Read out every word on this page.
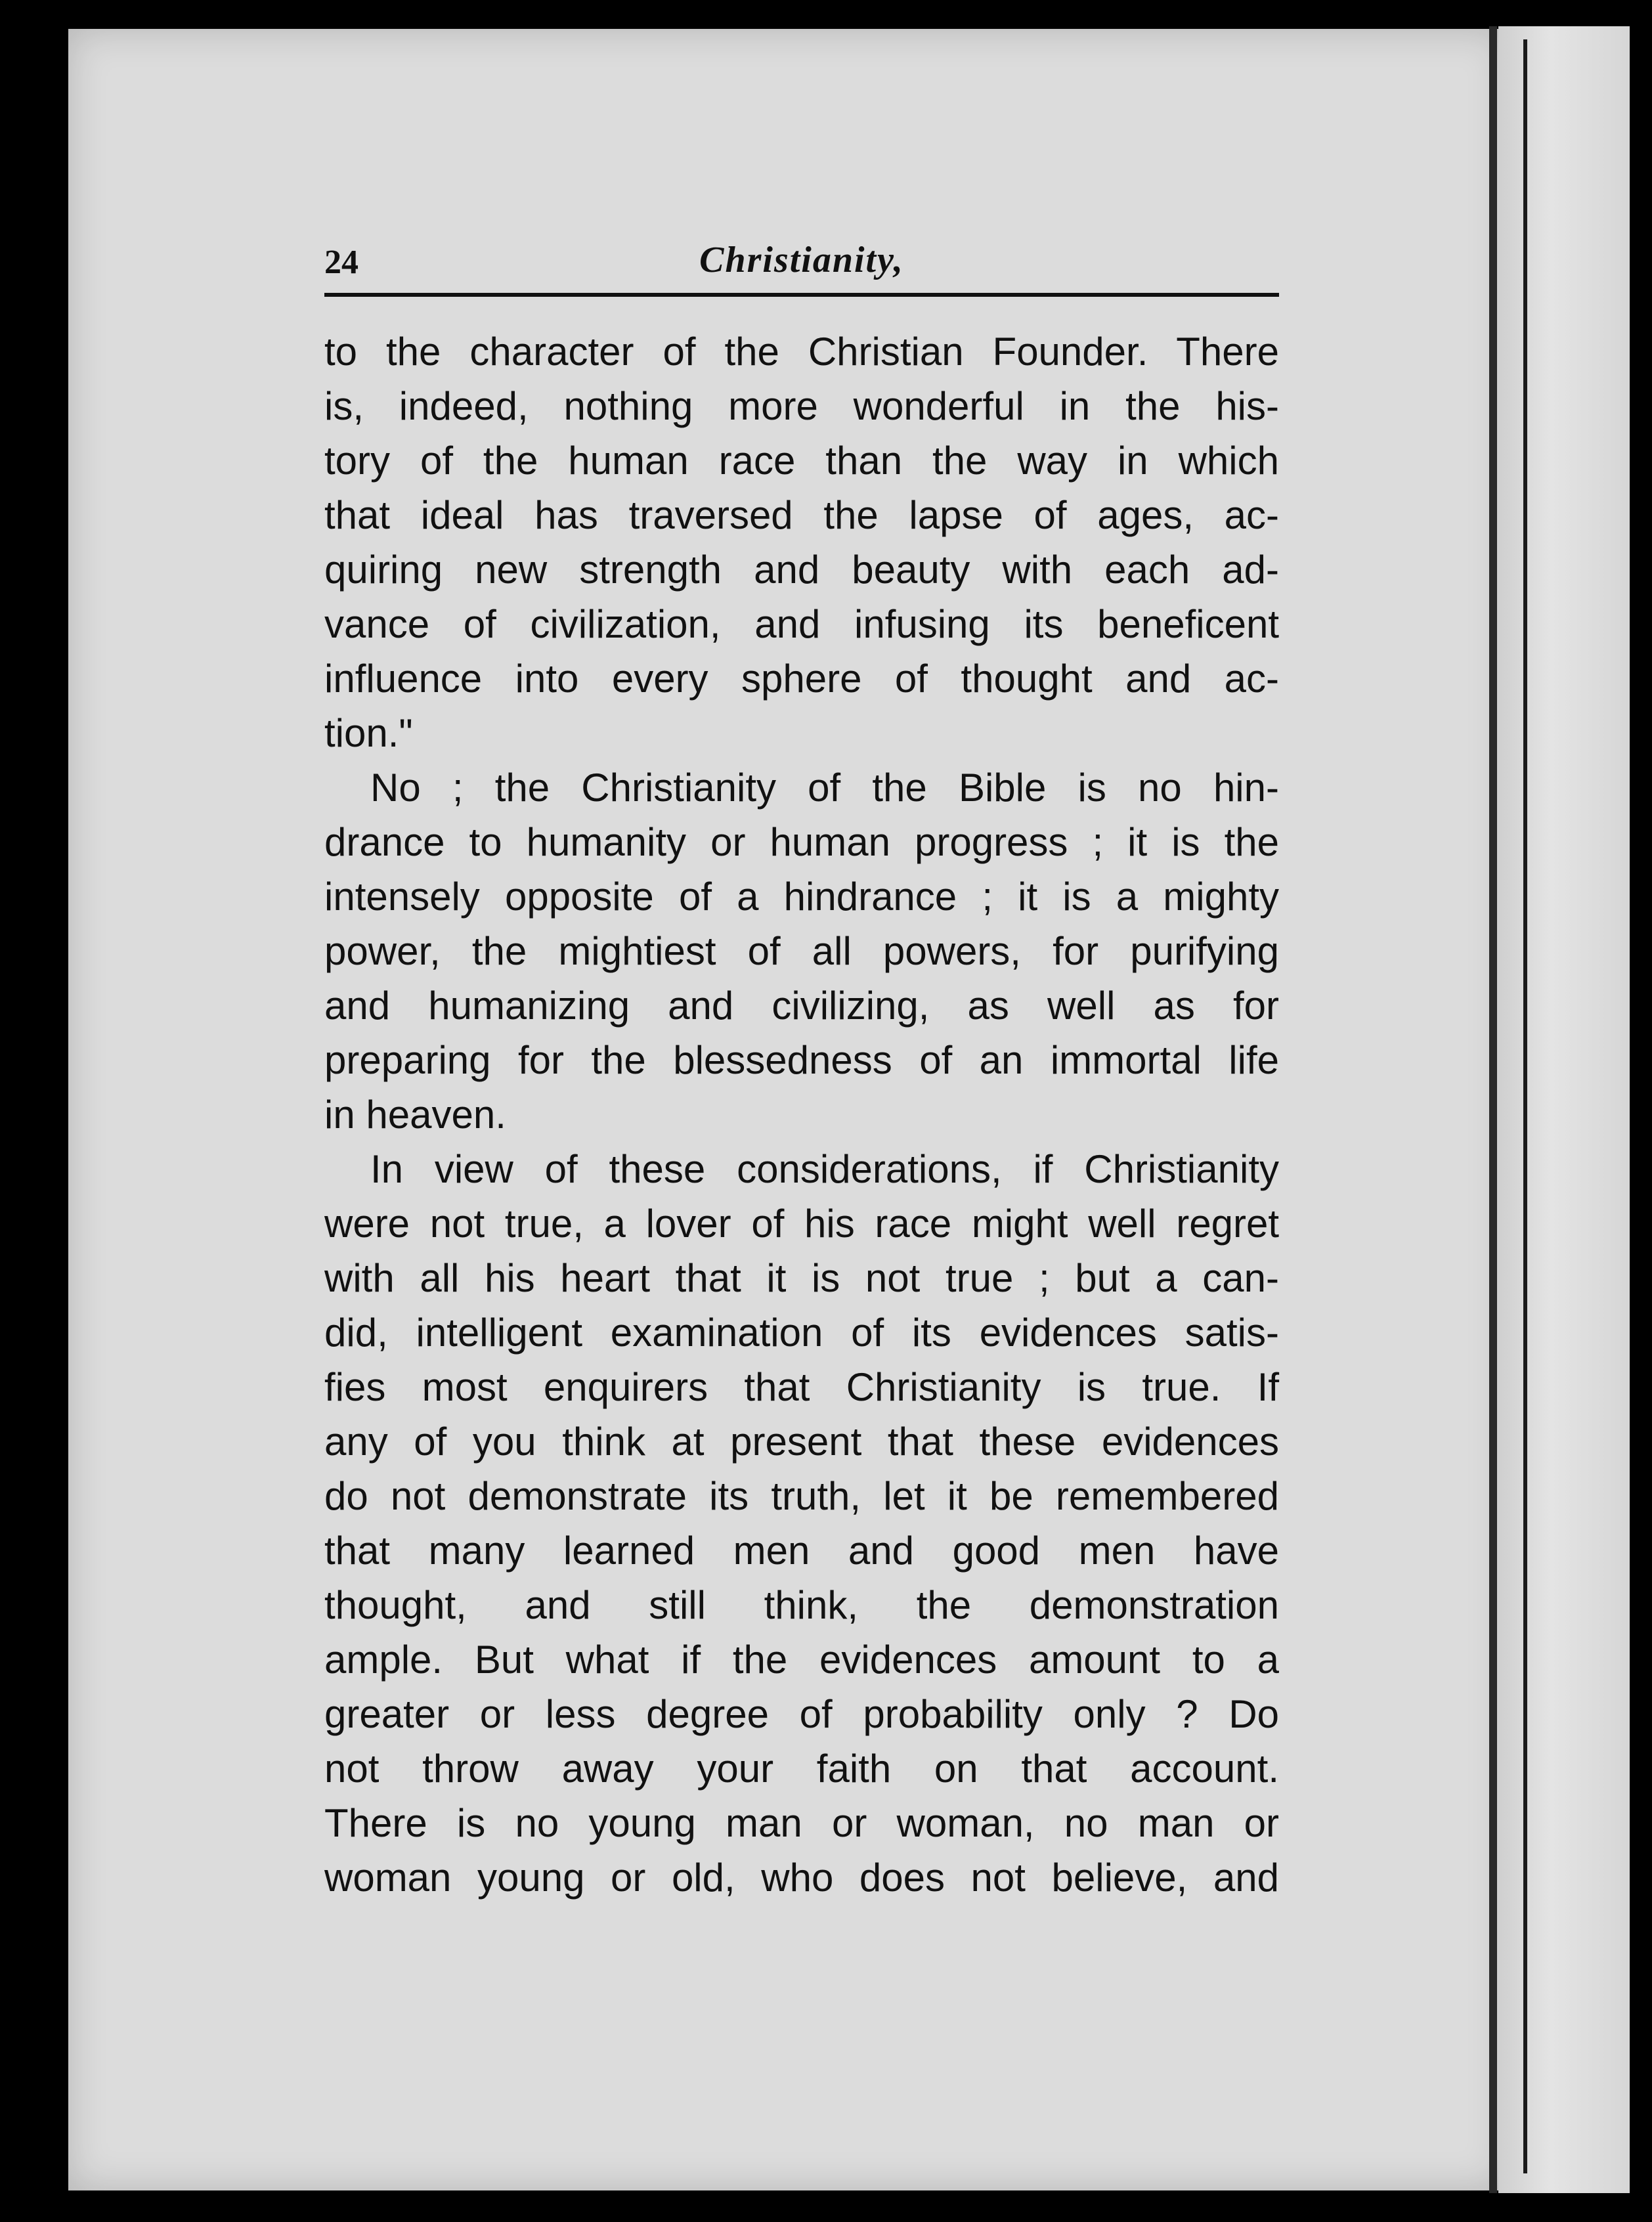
24	Christianity,
to the character of the Christian Founder. There
is, indeed, nothing more wonderful in the his-
tory of the human race than the way in which
that ideal has traversed the lapse of ages, ac-
quiring new strength and beauty with each ad-
vance of civilization, and infusing its beneficent
influence into every sphere of thought and ac-
tion."
No ; the Christianity of the Bible is no hin-
drance to humanity or human progress ; it is the
intensely opposite of a hindrance ; it is a mighty
power, the mightiest of all powers, for purifying
and humanizing and civilizing, as well as for
preparing for the blessedness of an immortal life
in heaven.
In view of these considerations, if Christianity
were not true, a lover of his race might well regret
with all his heart that it is not true ; but a can-
did, intelligent examination of its evidences satis-
fies most enquirers that Christianity is true. If
any of you think at present that these evidences
do not demonstrate its truth, let it be remembered
that many learned men and good men have
thought, and still think, the demonstration
ample. But what if the evidences amount to a
greater or less degree of probability only ? Do
not throw away your faith on that account.
There is no young man or woman, no man or
woman young or old, who does not believe, and
